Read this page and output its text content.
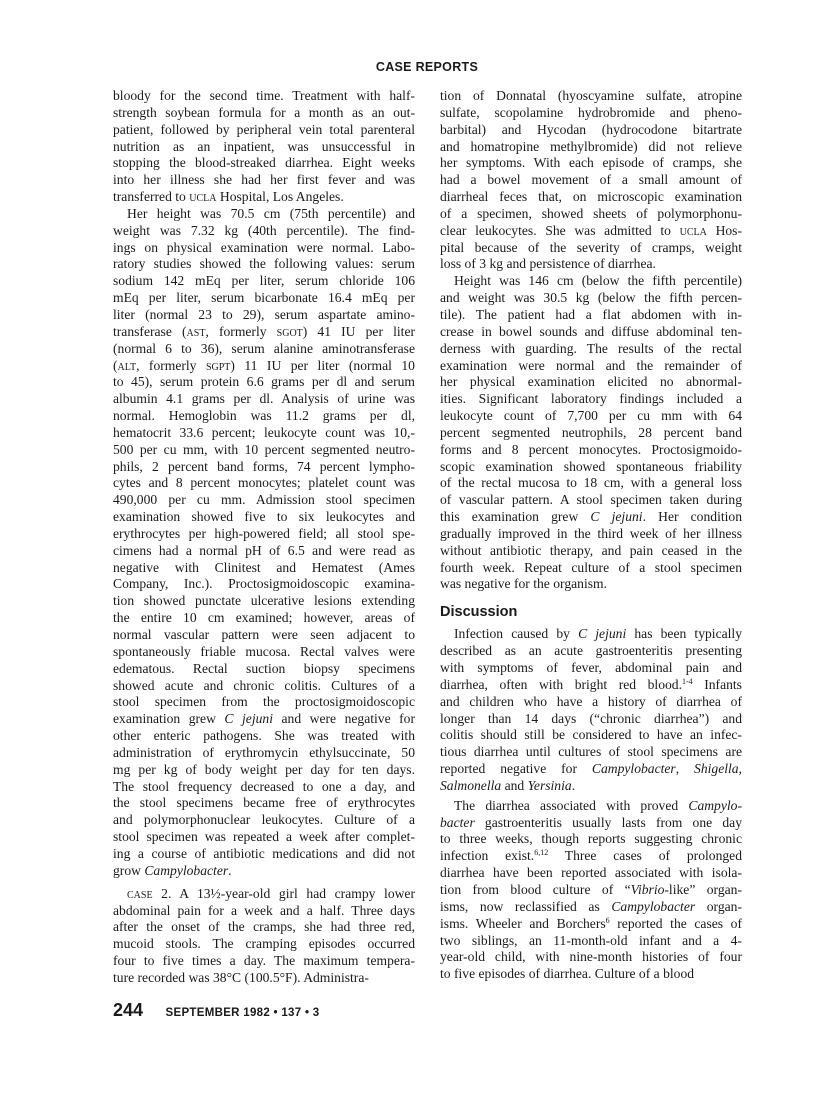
CASE REPORTS
bloody for the second time. Treatment with half-
strength soybean formula for a month as an out-
patient, followed by peripheral vein total parenteral
nutrition as an inpatient, was unsuccessful in
stopping the blood-streaked diarrhea. Eight weeks
into her illness she had her first fever and was
transferred to ucla Hospital, Los Angeles.
Her height was 70.5 cm (75th percentile) and
weight was 7.32 kg (40th percentile). The find-
ings on physical examination were normal. Labo-
ratory studies showed the following values: serum
sodium 142 mEq per liter, serum chloride 106
mEq per liter, serum bicarbonate 16.4 mEq per
liter (normal 23 to 29), serum aspartate amino-
transferase (ast, formerly sgot) 41 IU per liter
(normal 6 to 36), serum alanine aminotransferase
(alt, formerly sgpt) 11 IU per liter (normal 10
to 45), serum protein 6.6 grams per dl and serum
albumin 4.1 grams per dl. Analysis of urine was
normal. Hemoglobin was 11.2 grams per dl,
hematocrit 33.6 percent; leukocyte count was 10,-
500 per cu mm, with 10 percent segmented neutro-
phils, 2 percent band forms, 74 percent lympho-
cytes and 8 percent monocytes; platelet count was
490,000 per cu mm. Admission stool specimen
examination showed five to six leukocytes and
erythrocytes per high-powered field; all stool spe-
cimens had a normal pH of 6.5 and were read as
negative with Clinitest and Hematest (Ames
Company, Inc.). Proctosigmoidoscopic examina-
tion showed punctate ulcerative lesions extending
the entire 10 cm examined; however, areas of
normal vascular pattern were seen adjacent to
spontaneously friable mucosa. Rectal valves were
edematous. Rectal suction biopsy specimens
showed acute and chronic colitis. Cultures of a
stool specimen from the proctosigmoidoscopic
examination grew C jejuni and were negative for
other enteric pathogens. She was treated with
administration of erythromycin ethylsuccinate, 50
mg per kg of body weight per day for ten days.
The stool frequency decreased to one a day, and
the stool specimens became free of erythrocytes
and polymorphonuclear leukocytes. Culture of a
stool specimen was repeated a week after complet-
ing a course of antibiotic medications and did not
grow Campylobacter.
case 2. A 13½-year-old girl had crampy lower
abdominal pain for a week and a half. Three days
after the onset of the cramps, she had three red,
mucoid stools. The cramping episodes occurred
four to five times a day. The maximum tempera-
ture recorded was 38°C (100.5°F). Administra-
tion of Donnatal (hyoscyamine sulfate, atropine
sulfate, scopolamine hydrobromide and pheno-
barbital) and Hycodan (hydrocodone bitartrate
and homatropine methylbromide) did not relieve
her symptoms. With each episode of cramps, she
had a bowel movement of a small amount of
diarrheal feces that, on microscopic examination
of a specimen, showed sheets of polymorphonu-
clear leukocytes. She was admitted to ucla Hos-
pital because of the severity of cramps, weight
loss of 3 kg and persistence of diarrhea.
Height was 146 cm (below the fifth percentile)
and weight was 30.5 kg (below the fifth percen-
tile). The patient had a flat abdomen with in-
crease in bowel sounds and diffuse abdominal ten-
derness with guarding. The results of the rectal
examination were normal and the remainder of
her physical examination elicited no abnormal-
ities. Significant laboratory findings included a
leukocyte count of 7,700 per cu mm with 64
percent segmented neutrophils, 28 percent band
forms and 8 percent monocytes. Proctosigmoido-
scopic examination showed spontaneous friability
of the rectal mucosa to 18 cm, with a general loss
of vascular pattern. A stool specimen taken during
this examination grew C jejuni. Her condition
gradually improved in the third week of her illness
without antibiotic therapy, and pain ceased in the
fourth week. Repeat culture of a stool specimen
was negative for the organism.
Discussion
Infection caused by C jejuni has been typically
described as an acute gastroenteritis presenting
with symptoms of fever, abdominal pain and
diarrhea, often with bright red blood.$^{1-4}$ Infants
and children who have a history of diarrhea of
longer than 14 days (“chronic diarrhea”) and
colitis should still be considered to have an infec-
tious diarrhea until cultures of stool specimens are
reported negative for Campylobacter, Shigella,
Salmonella and Yersinia.
The diarrhea associated with proved Campylo-
bacter gastroenteritis usually lasts from one day
to three weeks, though reports suggesting chronic
infection exist.$^{6,12}$ Three cases of prolonged
diarrhea have been reported associated with isola-
tion from blood culture of “Vibrio-like” organ-
isms, now reclassified as Campylobacter organ-
isms. Wheeler and Borchers$^6$ reported the cases of
two siblings, an 11-month-old infant and a 4-
year-old child, with nine-month histories of four
to five episodes of diarrhea. Culture of a blood
244 SEPTEMBER 1982 • 137 • 3
